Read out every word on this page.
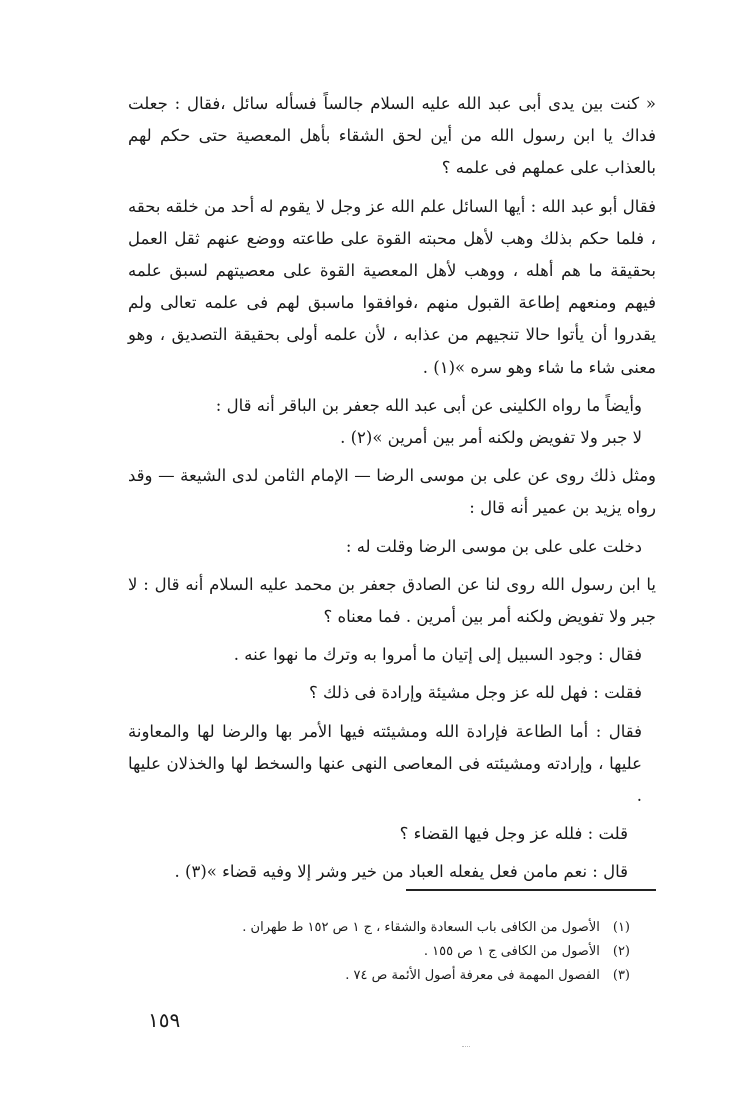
« كنت بين يدى أبى عبد الله عليه السلام جالساً فسأله سائل ،فقال : جعلت فداك يا ابن رسول الله من أين لحق الشقاء بأهل المعصية حتى حكم لهم بالعذاب على عملهم فى علمه ؟

فقال أبو عبد الله : أيها السائل علم الله عز وجل لا يقوم له أحد من خلقه بحقه ، فلما حكم بذلك وهب لأهل محبته القوة على طاعته ووضع عنهم ثقل العمل بحقيقة ما هم أهله ، ووهب لأهل المعصية القوة على معصيتهم لسبق علمه فيهم ومنعهم إطاعة القبول منهم ،فوافقوا ماسبق لهم فى علمه تعالى ولم يقدروا أن يأتوا حالا تنجيهم من عذابه ، لأن علمه أولى بحقيقة التصديق ، وهو معنى شاء ما شاء وهو سره »(١) .

وأيضاً ما رواه الكلينى عن أبى عبد الله جعفر بن الباقر أنه قال :

لا جبر ولا تفويض ولكنه أمر بين أمرين »(٢) .

ومثل ذلك روى عن على بن موسى الرضا — الإمام الثامن لدى الشيعة — وقد رواه يزيد بن عمير أنه قال :

دخلت على على بن موسى الرضا وقلت له :

يا ابن رسول الله روى لنا عن الصادق جعفر بن محمد عليه السلام أنه قال : لا جبر ولا تفويض ولكنه أمر بين أمرين . فما معناه ؟

فقال : وجود السبيل إلى إتيان ما أمروا به وترك ما نهوا عنه .

فقلت : فهل لله عز وجل مشيئة وإرادة فى ذلك ؟

فقال : أما الطاعة فإرادة الله ومشيئته فيها الأمر بها والرضا لها والمعاونة عليها ، وإرادته ومشيئته فى المعاصى النهى عنها والسخط لها والخذلان عليها .

قلت : فلله عز وجل فيها القضاء ؟

قال : نعم مامن فعل يفعله العباد من خير وشر إلا وفيه قضاء »(٣) .

(١) الأصول من الكافى باب السعادة والشقاء ، ج ١ ص ١٥٢ ط طهران .
(٢) الأصول من الكافى ج ١ ص ١٥٥ .
(٣) الفصول المهمة فى معرفة أصول الأئمة ص ٧٤ .
١٥٩
